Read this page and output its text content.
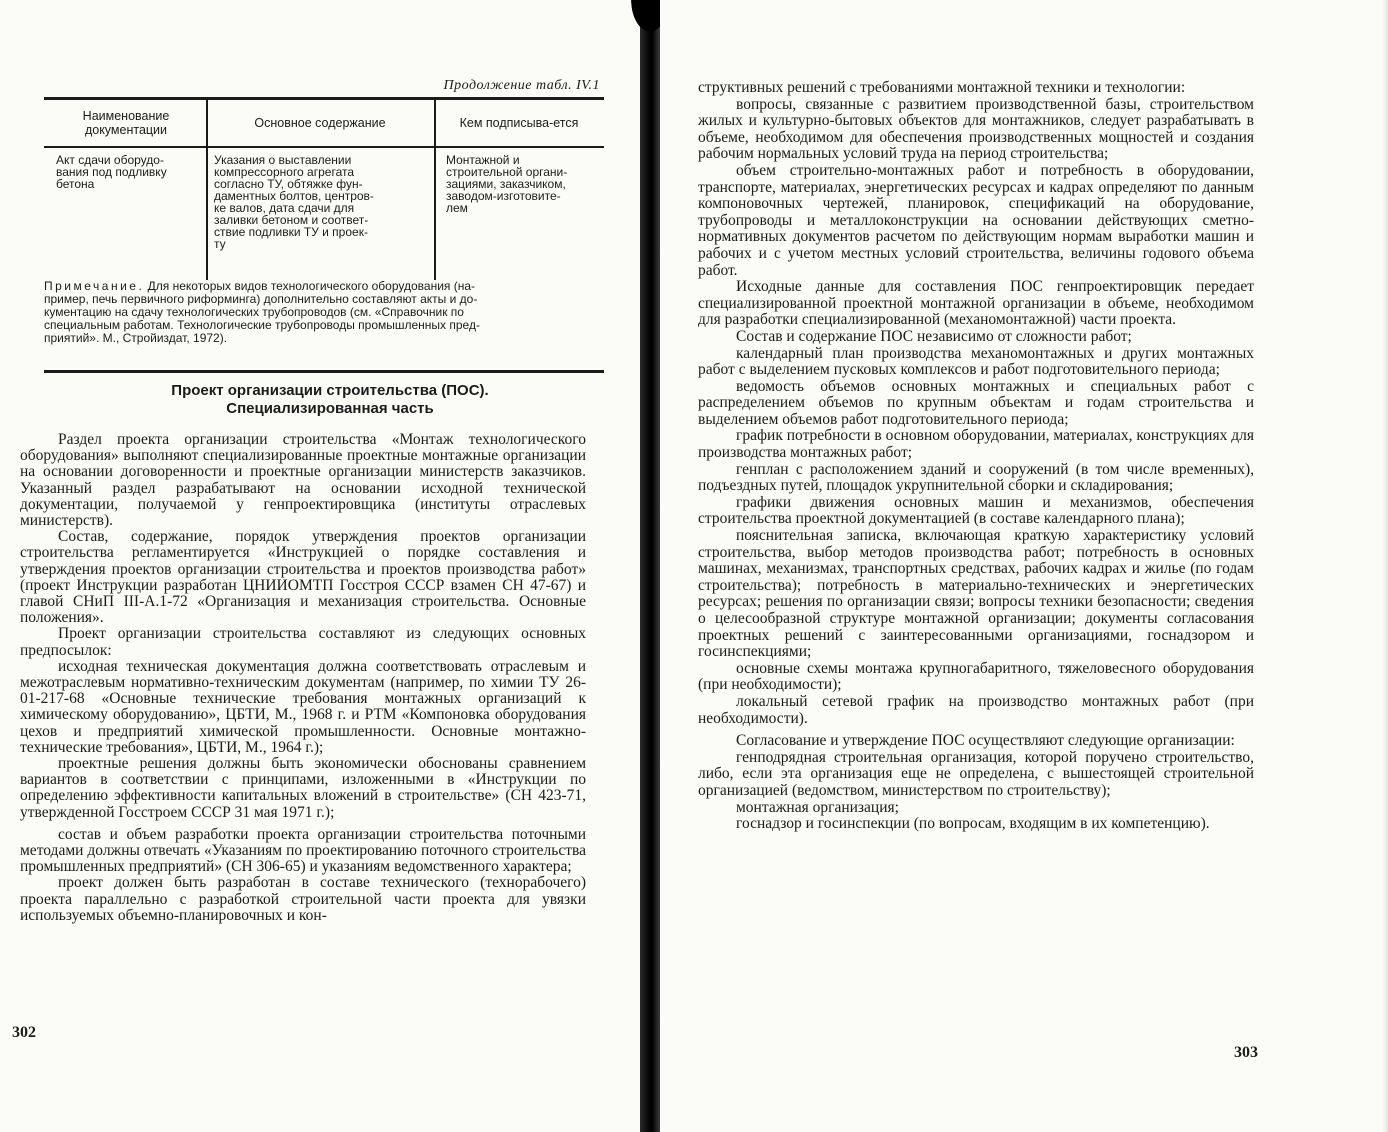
Продолжение табл. IV.1
Наименование документации	Основное содержание	Кем подписыва-ется
Акт сдачи оборудо-
вания под подливку
бетона
Указания о выставлении
компрессорного агрегата
согласно ТУ, обтяжке фун-
даментных болтов, центров-
ке валов, дата сдачи для
заливки бетоном и соответ-
ствие подливки ТУ и проек-
ту
Монтажной и
строительной органи-
зациями, заказчиком,
заводом-изготовите-
лем
Примечание. Для некоторых видов технологического оборудования (на-
пример, печь первичного риформинга) дополнительно составляют акты и до-
кументацию на сдачу технологических трубопроводов (см. «Справочник по
специальным работам. Технологические трубопроводы промышленных пред-
приятий». М., Стройиздат, 1972).
Проект организации строительства (ПОС).
Специализированная часть

Раздел проекта организации строительства «Монтаж технологического оборудования» выполняют специализированные проектные монтажные организации на основании договоренности и проектные организации министерств заказчиков. Указанный раздел разрабатывают на основании исходной технической документации, получаемой у генпроектировщика (институты отраслевых министерств).

Состав, содержание, порядок утверждения проектов организации строительства регламентируется «Инструкцией о порядке составления и утверждения проектов организации строительства и проектов производства работ» (проект Инструкции разработан ЦНИИОМТП Госстроя СССР взамен СН 47-67) и главой СНиП III-А.1-72 «Организация и механизация строительства. Основные положения».

Проект организации строительства составляют из следующих основных предпосылок:

исходная техническая документация должна соответствовать отраслевым и межотраслевым нормативно-техническим документам (например, по химии ТУ 26-01-217-68 «Основные технические требования монтажных организаций к химическому оборудованию», ЦБТИ, М., 1968 г. и РТМ «Компоновка оборудования цехов и предприятий химической промышленности. Основные монтажно-технические требования», ЦБТИ, М., 1964 г.);

проектные решения должны быть экономически обоснованы сравнением вариантов в соответствии с принципами, изложенными в «Инструкции по определению эффективности капитальных вложений в строительстве» (СН 423-71, утвержденной Госстроем СССР 31 мая 1971 г.);

состав и объем разработки проекта организации строительства поточными методами должны отвечать «Указаниям по проектированию поточного строительства промышленных предприятий» (СН 306-65) и указаниям ведомственного характера;

проект должен быть разработан в составе технического (технорабочего) проекта параллельно с разработкой строительной части проекта для увязки используемых объемно-планировочных и кон-

302

структивных решений с требованиями монтажной техники и технологии:

вопросы, связанные с развитием производственной базы, строительством жилых и культурно-бытовых объектов для монтажников, следует разрабатывать в объеме, необходимом для обеспечения производственных мощностей и создания рабочим нормальных условий труда на период строительства;

объем строительно-монтажных работ и потребность в оборудовании, транспорте, материалах, энергетических ресурсах и кадрах определяют по данным компоновочных чертежей, планировок, спецификаций на оборудование, трубопроводы и металлоконструкции на основании действующих сметно-нормативных документов расчетом по действующим нормам выработки машин и рабочих и с учетом местных условий строительства, величины годового объема работ.

Исходные данные для составления ПОС генпроектировщик передает специализированной проектной монтажной организации в объеме, необходимом для разработки специализированной (механомонтажной) части проекта.

Состав и содержание ПОС независимо от сложности работ;

календарный план производства механомонтажных и других монтажных работ с выделением пусковых комплексов и работ подготовительного периода;

ведомость объемов основных монтажных и специальных работ с распределением объемов по крупным объектам и годам строительства и выделением объемов работ подготовительного периода;

график потребности в основном оборудовании, материалах, конструкциях для производства монтажных работ;

генплан с расположением зданий и сооружений (в том числе временных), подъездных путей, площадок укрупнительной сборки и складирования;

графики движения основных машин и механизмов, обеспечения строительства проектной документацией (в составе календарного плана);

пояснительная записка, включающая краткую характеристику условий строительства, выбор методов производства работ; потребность в основных машинах, механизмах, транспортных средствах, рабочих кадрах и жилье (по годам строительства); потребность в материально-технических и энергетических ресурсах; решения по организации связи; вопросы техники безопасности; сведения о целесообразной структуре монтажной организации; документы согласования проектных решений с заинтересованными организациями, госнадзором и госинспекциями;

основные схемы монтажа крупногабаритного, тяжеловесного оборудования (при необходимости);

локальный сетевой график на производство монтажных работ (при необходимости).

Согласование и утверждение ПОС осуществляют следующие организации:

генподрядная строительная организация, которой поручено строительство, либо, если эта организация еще не определена, с вышестоящей строительной организацией (ведомством, министерством по строительству);

монтажная организация;

госнадзор и госинспекции (по вопросам, входящим в их компетенцию).

303
